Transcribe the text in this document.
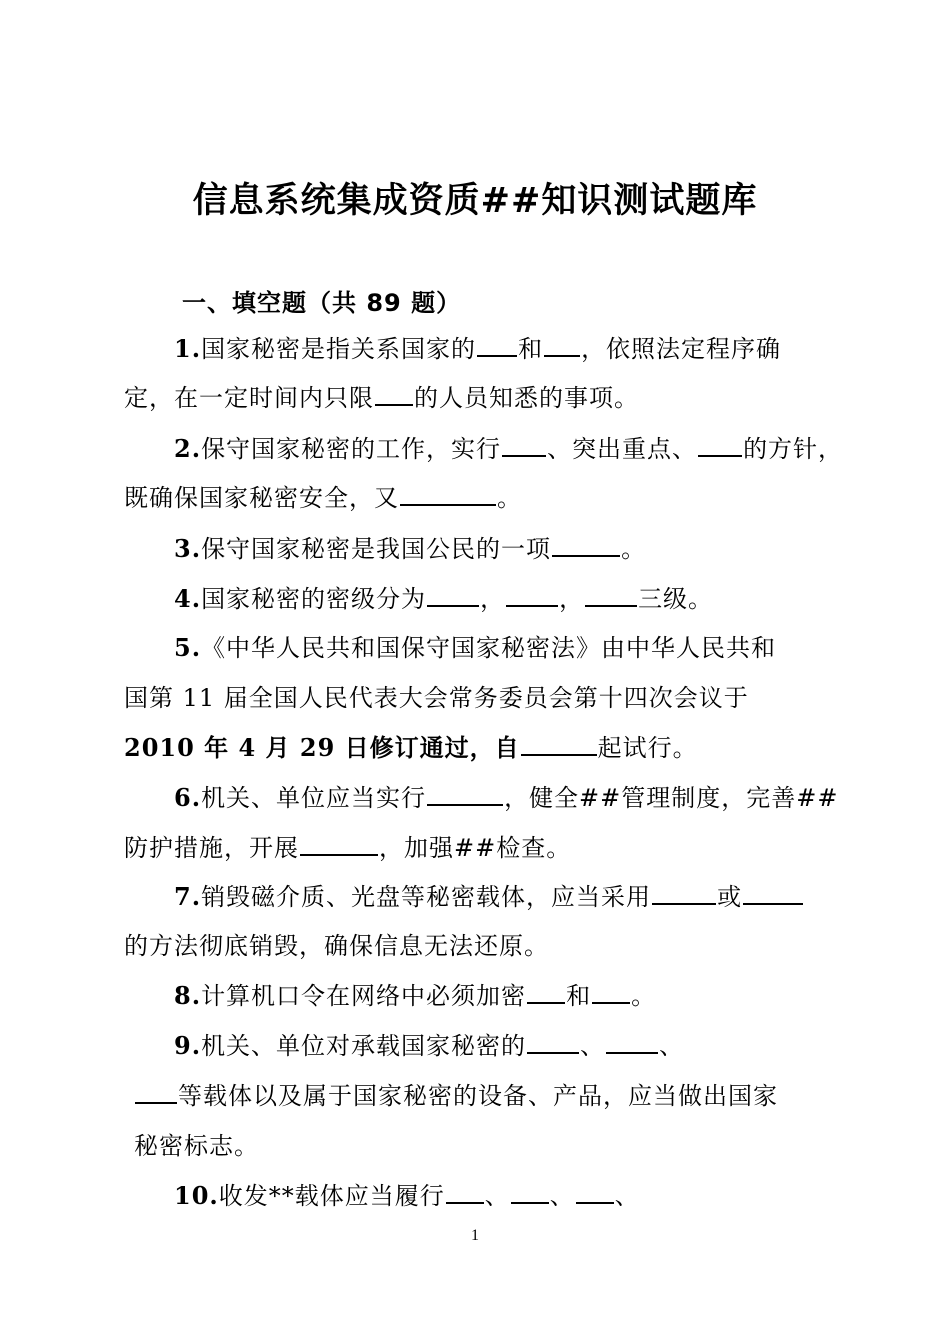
信息系统集成资质##知识测试题库
一、填空题（共 89 题）
1.国家秘密是指关系国家的 和 ，依照法定程序确
定，在一定时间内只限 的人员知悉的事项。
2.保守国家秘密的工作，实行 、突出重点、 的方针，
既确保国家秘密安全，又	。
3.保守国家秘密是我国公民的一项	。
4.国家秘密的密级分为 ， ， 三级。
5.《中华人民共和国保守国家秘密法》由中华人民共和
国第 11 届全国人民代表大会常务委员会第十四次会议于
2010 年 4 月 29 日修订通过，自	起试行。
6.机关、单位应当实行	，健全##管理制度，完善##
防护措施，开展	，加强##检查。
7.销毁磁介质、光盘等秘密载体，应当采用	或
的方法彻底销毁，确保信息无法还原。
8.计算机口令在网络中必须加密 和 。
9.机关、单位对承载国家秘密的 、 、
等载体以及属于国家秘密的设备、产品，应当做出国家
秘密标志。
10.收发**载体应当履行 、 、 、
1
